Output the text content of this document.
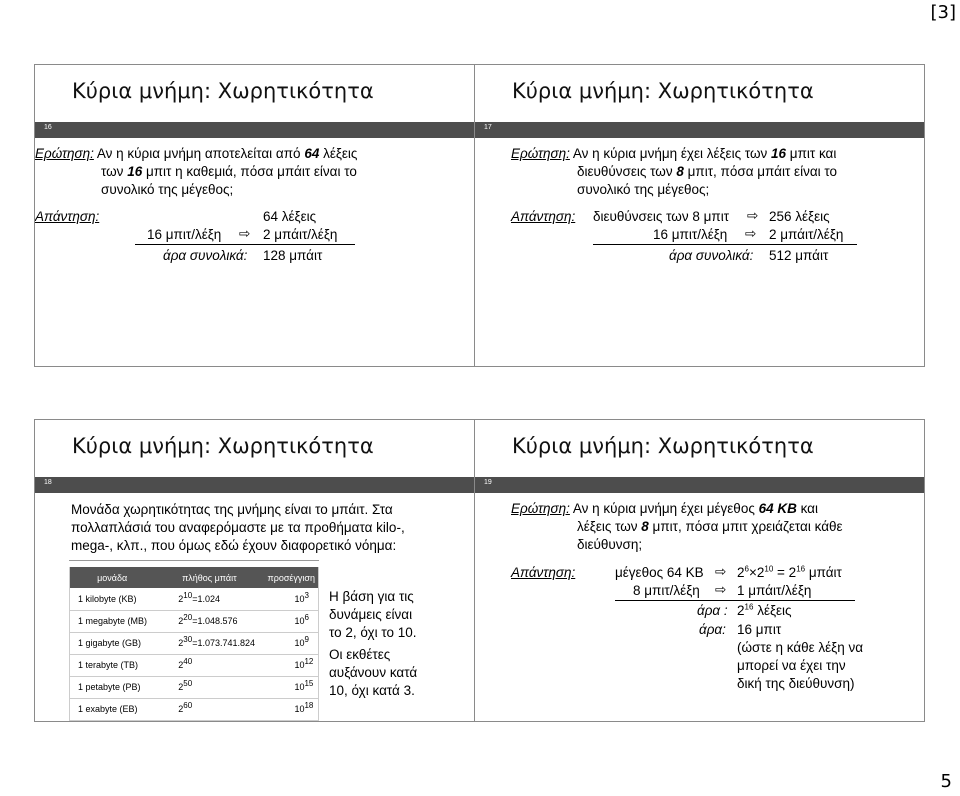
[3]
Κύρια μνήμη: Χωρητικότητα
16
Ερώτηση: Αν η κύρια μνήμη αποτελείται από 64 λέξεις
των 16 μπιτ η καθεμιά, πόσα μπάιτ είναι το
συνολικό της μέγεθος;
Απάντηση:	64 λέξεις
16 μπιτ/λέξη ⇨ 2 μπάιτ/λέξη
άρα συνολικά: 128 μπάιτ
Κύρια μνήμη: Χωρητικότητα
17
Ερώτηση: Αν η κύρια μνήμη έχει λέξεις των 16 μπιτ και
διευθύνσεις των 8 μπιτ, πόσα μπάιτ είναι το
συνολικό της μέγεθος;
Απάντηση: διευθύνσεις των 8 μπιτ ⇨ 256 λέξεις
16 μπιτ/λέξη ⇨ 2 μπάιτ/λέξη
άρα συνολικά: 512 μπάιτ
Κύρια μνήμη: Χωρητικότητα
18
Μονάδα χωρητικότητας της μνήμης είναι το μπάιτ. Στα
πολλαπλάσιά του αναφερόμαστε με τα προθήματα kilo-,
mega-, κλπ., που όμως εδώ έχουν διαφορετικό νόημα:
μονάδα	πλήθος μπάιτ	προσέγγιση
1 kilobyte (KB)	$2^{10}=1.024$	$10^3$
1 megabyte (MB)	$2^{20}=1.048.576$	$10^6$
1 gigabyte (GB)	$2^{30}=1.073.741.824$	$10^9$
1 terabyte (TB)	$2^{40}$	$10^{12}$
1 petabyte (PB)	$2^{50}$	$10^{15}$
1 exabyte (EB)	$2^{60}$	$10^{18}$
Η βάση για τις
δυνάμεις είναι
το 2, όχι το 10.
Οι εκθέτες
αυξάνουν κατά
10, όχι κατά 3.
Κύρια μνήμη: Χωρητικότητα
19
Ερώτηση: Αν η κύρια μνήμη έχει μέγεθος 64 KB και
λέξεις των 8 μπιτ, πόσα μπιτ χρειάζεται κάθε
διεύθυνση;
Απάντηση:	μέγεθος 64 KB ⇨ $2^6\times 2^{10} = 2^{16}$ μπάιτ
8 μπιτ/λέξη ⇨ 1 μπάιτ/λέξη
άρα : $2^{16}$ λέξεις
άρα: 16 μπιτ
(ώστε η κάθε λέξη να
μπορεί να έχει την
δική της διεύθυνση)
5
